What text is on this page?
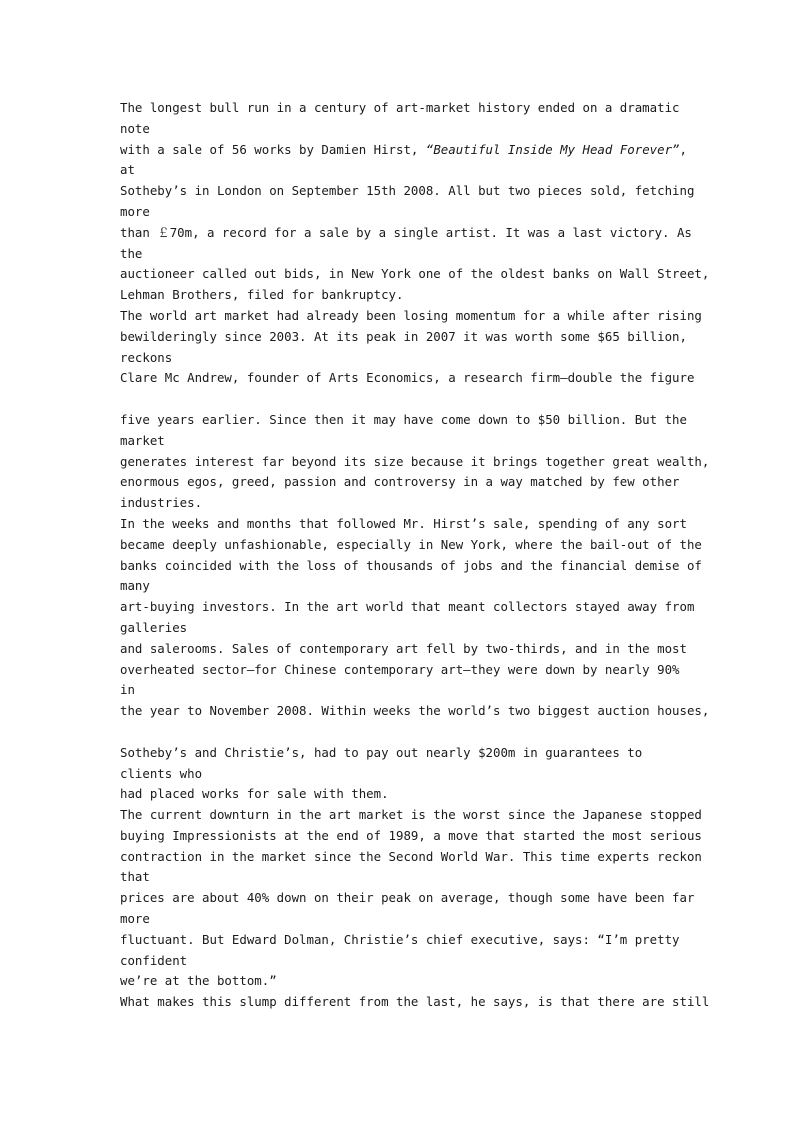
The longest bull run in a century of art-market history ended on a dramatic
note
with a sale of 56 works by Damien Hirst, “Beautiful Inside My Head Forever”,
at
Sotheby’s in London on September 15th 2008. All but two pieces sold, fetching
more
than ￡70m, a record for a sale by a single artist. It was a last victory. As
the
auctioneer called out bids, in New York one of the oldest banks on Wall Street,
Lehman Brothers, filed for bankruptcy.
The world art market had already been losing momentum for a while after rising
bewilderingly since 2003. At its peak in 2007 it was worth some $65 billion,
reckons
Clare Mc Andrew, founder of Arts Economics, a research firm—double the figure
five years earlier. Since then it may have come down to $50 billion. But the
market
generates interest far beyond its size because it brings together great wealth,
enormous egos, greed, passion and controversy in a way matched by few other
industries.
In the weeks and months that followed Mr. Hirst’s sale, spending of any sort
became deeply unfashionable, especially in New York, where the bail-out of the
banks coincided with the loss of thousands of jobs and the financial demise of
many
art-buying investors. In the art world that meant collectors stayed away from
galleries
and salerooms. Sales of contemporary art fell by two-thirds, and in the most
overheated sector—for Chinese contemporary art—they were down by nearly 90%
in
the year to November 2008. Within weeks the world’s two biggest auction houses,
Sotheby’s and Christie’s, had to pay out nearly $200m in guarantees to
clients who
had placed works for sale with them.
The current downturn in the art market is the worst since the Japanese stopped
buying Impressionists at the end of 1989, a move that started the most serious
contraction in the market since the Second World War. This time experts reckon
that
prices are about 40% down on their peak on average, though some have been far
more
fluctuant. But Edward Dolman, Christie’s chief executive, says: “I’m pretty
confident
we’re at the bottom.”
What makes this slump different from the last, he says, is that there are still
